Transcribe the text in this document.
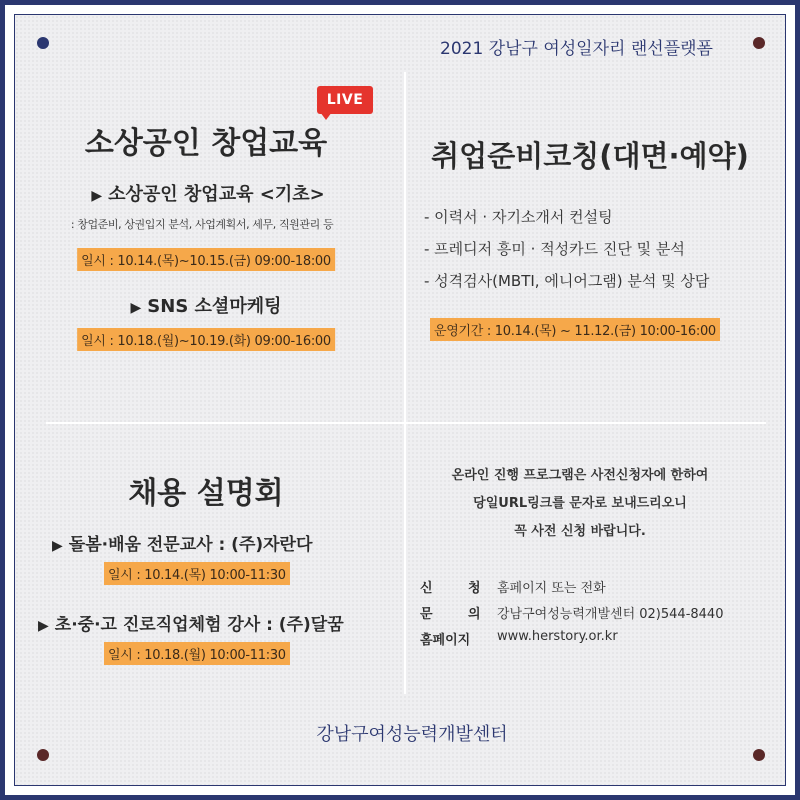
2021 강남구 여성일자리 랜선플랫폼
LIVE
소상공인 창업교육
▶ 소상공인 창업교육 <기초>
: 창업준비, 상권입지 분석, 사업계획서, 세무, 직원관리 등
일시 : 10.14.(목)~10.15.(금) 09:00-18:00
▶ SNS 소셜마케팅
일시 : 10.18.(월)~10.19.(화) 09:00-16:00
취업준비코칭(대면·예약)
- 이력서 · 자기소개서 컨설팅
- 프레디저 흥미 · 적성카드 진단 및 분석
- 성격검사(MBTI, 에니어그램) 분석 및 상담
운영기간 : 10.14.(목) ~ 11.12.(금) 10:00-16:00
채용 설명회
▶ 돌봄·배움 전문교사 : (주)자란다
일시 : 10.14.(목) 10:00-11:30
▶ 초·중·고 진로직업체험 강사 : (주)달꿈
일시 : 10.18.(월) 10:00-11:30
온라인 진행 프로그램은 사전신청자에 한하여
당일URL링크를 문자로 보내드리오니
꼭 사전 신청 바랍니다.
신	청 홈페이지 또는 전화
문	의 강남구여성능력개발센터 02)544-8440
홈페이지 www.herstory.or.kr
강남구여성능력개발센터
